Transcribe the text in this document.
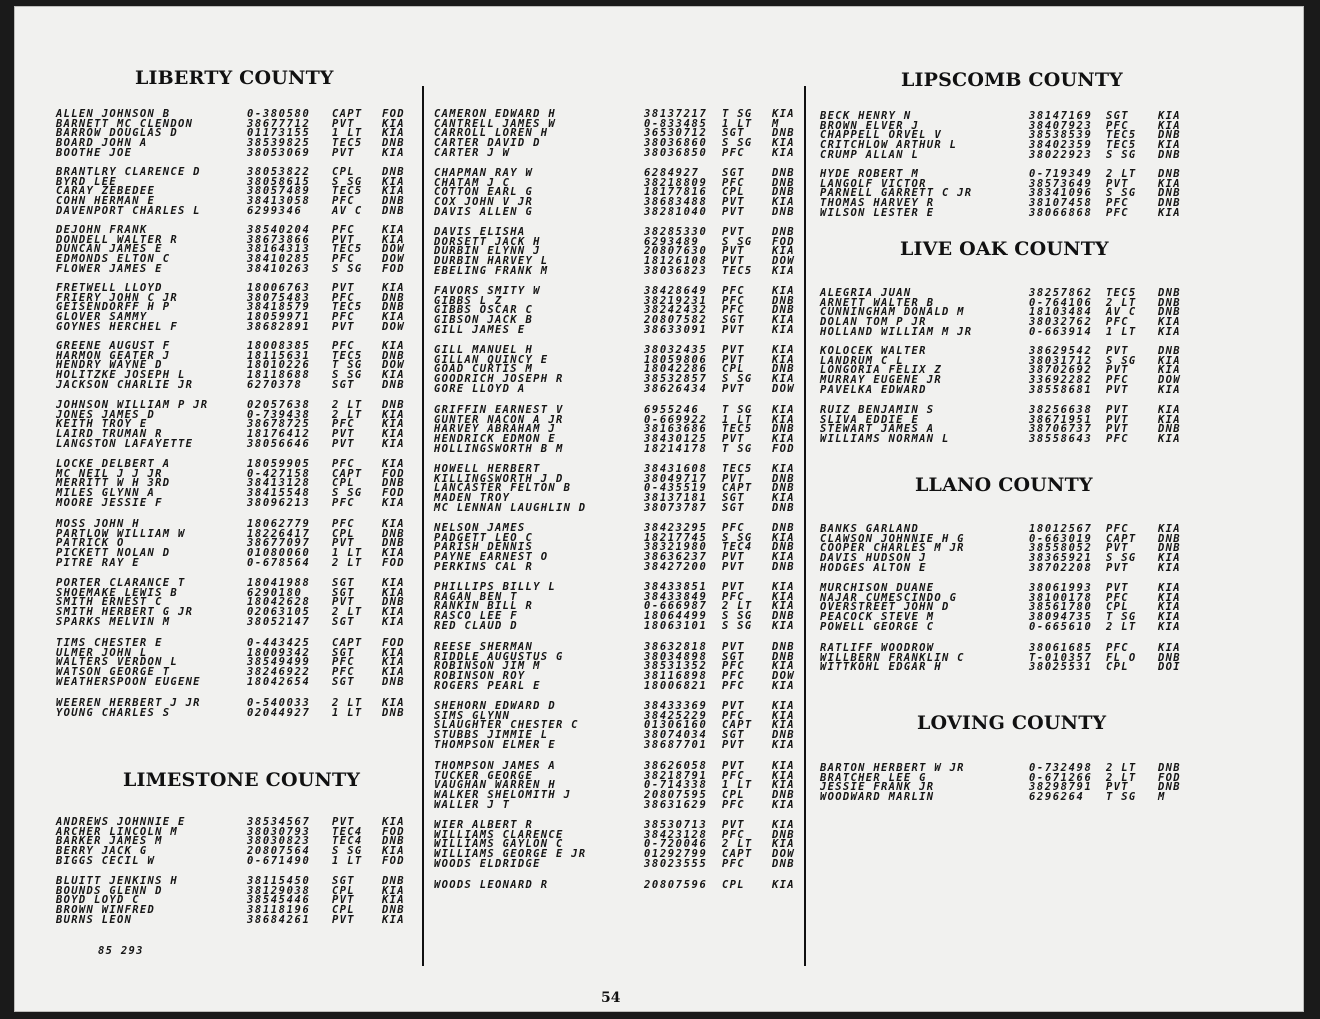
LIBERTY COUNTY
LIMESTONE COUNTY
85 293
ALLEN JOHNSON B	0-380580 CAPT FOD
BARNETT MC CLENDON	38677712 PVT	KIA
BARROW DOUGLAS D	01173155 1 LT KIA
BOARD JOHN A	38539825 TEC5 DNB
BOOTHE JOE	38053069 PVT	KIA
BRANTLRY CLARENCE D	38053822 CPL	DNB
BYRD LEE	38058615 S SG KIA
CARAY ZEBEDEE	38057489 TEC5 KIA
COHN HERMAN E	38413058 PFC	DNB
DAVENPORT CHARLES L	6299346	AV C DNB
DEJOHN FRANK	38540204 PFC	KIA
DONDELL WALTER R	38673866 PVT	KIA
DUNCAN JAMES E	38164313 TEC5 DOW
EDMONDS ELTON C	38410285 PFC	DOW
FLOWER JAMES E	38410263 S SG FOD
FRETWELL LLOYD	18006763 PVT	KIA
FRIERY JOHN C JR	38075483 PFC	DNB
GEISENDORFF H P	38418579 TEC5 DNB
GLOVER SAMMY	18059971 PFC	KIA
GOYNES HERCHEL F	38682891 PVT	DOW
GREENE AUGUST F	18008385 PFC	KIA
HARMON GEATER J	18115631 TEC5 DNB
HENDRY WAYNE D	18010226 T SG DOW
HOLITZKE JOSEPH L	18118688 S SG KIA
JACKSON CHARLIE JR	6270378	SGT	DNB
JOHNSON WILLIAM P JR	02057638 2 LT DNB
JONES JAMES D	0-739438 2 LT KIA
KEITH TROY E	38678725 PFC	KIA
LAIRD TRUMAN R	18176412 PVT	KIA
LANGSTON LAFAYETTE	38056646 PVT	KIA
LOCKE DELBERT A	18059905 PFC	KIA
MC NEIL J J JR	0-427158 CAPT FOD
MERRITT W H 3RD	38413128 CPL	DNB
MILES GLYNN A	38415548 S SG FOD
MOORE JESSIE F	38096213 PFC	KIA
MOSS JOHN H	18062779 PFC	KIA
PARTLOW WILLIAM W	18226417 CPL	DNB
PATRICK O	38677097 PVT	DNB
PICKETT NOLAN D	01080060 1 LT KIA
PITRE RAY E	0-678564 2 LT FOD
PORTER CLARANCE T	18041988 SGT	KIA
SHOEMAKE LEWIS B	6290180	SGT	KIA
SMITH ERNEST C	18042628 PVT	DNB
SMITH HERBERT G JR	02063105 2 LT KIA
SPARKS MELVIN M	38052147 SGT	KIA
TIMS CHESTER E	0-443425 CAPT FOD
ULMER JOHN L	18009342 SGT	KIA
WALTERS VERDON L	38549499 PFC	KIA
WATSON GEORGE T	38246922 PFC	KIA
WEATHERSPOON EUGENE	18042654 SGT	DNB
WEEREN HERBERT J JR	0-540033 2 LT KIA
YOUNG CHARLES S	02044927 1 LT DNB
ANDREWS JOHNNIE E	38534567 PVT	KIA
ARCHER LINCOLN M	38030793 TEC4 FOD
BARKER JAMES M	38030823 TEC4 DNB
BERRY JACK G	20807564 S SG KIA
BIGGS CECIL W	0-671490 1 LT FOD
BLUITT JENKINS H	38115450 SGT	DNB
BOUNDS GLENN D	38129038 CPL	KIA
BOYD LOYD C	38545446 PVT	KIA
BROWN WINFRED	38118196 CPL	DNB
BURNS LEON	38684261 PVT	KIA
CAMERON EDWARD H	38137217 T SG KIA
CANTRELL JAMES W	0-833485 1 LT M
CARROLL LOREN H	36530712 SGT	DNB
CARTER DAVID D	38036860 S SG KIA
CARTER J W	38036850 PFC	KIA
CHAPMAN RAY W	6284927 SGT	DNB
CHATAM J C	38218809 PFC	DNB
COTTON EARL G	18177816 CPL	DNB
COX JOHN V JR	38683488 PVT	KIA
DAVIS ALLEN G	38281040 PVT	DNB
DAVIS ELISHA	38285330 PVT	DNB
DORSETT JACK H	6293489 S SG FOD
DURBIN ELYNN J	20807630 PVT	KIA
DURBIN HARVEY L	18126108 PVT	DOW
EBELING FRANK M	38036823 TEC5 KIA
FAVORS SMITY W	38428649 PFC	KIA
GIBBS L Z	38219231 PFC	DNB
GIBBS OSCAR C	38242432 PFC	DNB
GIBSON JACK B	20807582 SGT	KIA
GILL JAMES E	38633091 PVT	KIA
GILL MANUEL H	38032435 PVT	KIA
GILLAN QUINCY E	18059806 PVT	KIA
GOAD CURTIS M	18042286 CPL	DNB
GOODRICH JOSEPH R	38532857 S SG KIA
GORE LLOYD A	38626434 PVT	DOW
GRIFFIN EARNEST V	6955246 T SG KIA
GUNTER NACON A JR	0-669922 1 LT KIA
HARVEY ABRAHAM J	38163686 TEC5 DNB
HENDRICK EDMON E	38430125 PVT	KIA
HOLLINGSWORTH B M	18214178 T SG FOD
HOWELL HERBERT	38431608 TEC5 KIA
KILLINGSWORTH J D	38049717 PVT	DNB
LANCASTER FELTON B	0-435519 CAPT DNB
MADEN TROY	38137181 SGT	KIA
MC LENNAN LAUGHLIN D	38073787 SGT	DNB
NELSON JAMES	38423295 PFC	DNB
PADGETT LEO C	18217745 S SG KIA
PARISH DENNIS	38321980 TEC4 DNB
PAYNE EARNEST O	38636237 PVT	KIA
PERKINS CAL R	38427200 PVT	DNB
PHILLIPS BILLY L	38433851 PVT	KIA
RAGAN BEN T	38433849 PFC	KIA
RANKIN BILL R	0-666987 2 LT KIA
RASCO LEE F	18064499 S SG DNB
RED CLAUD D	18063101 S SG KIA
REESE SHERMAN	38632818 PVT	DNB
RIDDLE AUGUSTUS G	38034898 SGT	DNB
ROBINSON JIM M	38531352 PFC	KIA
ROBINSON ROY	38116898 PFC	DOW
ROGERS PEARL E	18006821 PFC	KIA
SHEHORN EDWARD D	38433369 PVT	KIA
SIMS GLYNN	38425229 PFC	KIA
SLAUGHTER CHESTER C	01306160 CAPT KIA
STUBBS JIMMIE L	38074034 SGT	DNB
THOMPSON ELMER E	38687701 PVT	KIA
THOMPSON JAMES A	38626058 PVT	KIA
TUCKER GEORGE	38218791 PFC	KIA
VAUGHAN WARREN H	0-714338 1 LT KIA
WALKER SHELOMITH J	20807595 CPL	DNB
WALLER J T	38631629 PFC	KIA
WIER ALBERT R	38530713 PVT	KIA
WILLIAMS CLARENCE	38423128 PFC	DNB
WILLIAMS GAYLON C	0-720046 2 LT KIA
WILLIAMS GEORGE E JR	01292799 CAPT DOW
WOODS ELDRIDGE	38023555 PFC	DNB
WOODS LEONARD R	20807596 CPL	KIA
LIPSCOMB COUNTY
LIVE OAK COUNTY
LLANO COUNTY
LOVING COUNTY
BECK HENRY N	38147169 SGT	KIA
BROWN ELVER J	38407923 PFC	KIA
CHAPPELL ORVEL V	38538539 TEC5 DNB
CRITCHLOW ARTHUR L	38402359 TEC5 KIA
CRUMP ALLAN L	38022923 S SG DNB
HYDE ROBERT M	0-719349 2 LT DNB
LANGOLF VICTOR	38573649 PVT	KIA
PARNELL GARRETT C JR	38341096 S SG DNB
THOMAS HARVEY R	38107458 PFC	DNB
WILSON LESTER E	38066868 PFC	KIA
ALEGRIA JUAN	38257862 TEC5 DNB
ARNETT WALTER B	0-764106 2 LT DNB
CUNNINGHAM DONALD M	18103484 AV C DNB
DOLAN TOM P JR	38032762 PFC	KIA
HOLLAND WILLIAM M JR	0-663914 1 LT KIA
KOLOCEK WALTER	38629542 PVT	DNB
LANDRUM C L	38031712 S SG KIA
LONGORIA FELIX Z	38702692 PVT	KIA
MURRAY EUGENE JR	33692282 PFC	DOW
PAVELKA EDWARD	38558681 PVT	KIA
RUIZ BENJAMIN S	38256638 PVT	KIA
SLIVA EDDIE E	38671951 PVT	KIA
STEWART JAMES A	38706737 PVT	DNB
WILLIAMS NORMAN L	38558643 PFC	KIA
BANKS GARLAND	18012567 PFC	KIA
CLAWSON JOHNNIE H G	0-663019 CAPT DNB
COOPER CHARLES M JR	38558052 PVT	DNB
DAVIS HUDSON J	38365921 S SG KIA
HODGES ALTON E	38702208 PVT	KIA
MURCHISON DUANE	38061993 PVT	KIA
NAJAR CUMESCINDO G	38100178 PFC	KIA
OVERSTREET JOHN D	38561780 CPL	KIA
PEACOCK STEVE M	38094735 T SG KIA
POWELL GEORGE C	0-665610 2 LT KIA
RATLIFF WOODROW	38061685 PFC	KIA
WILLBERN FRANKLIN C	T-010357 FL O DNB
WITTKOHL EDGAR H	38025531 CPL	DOI
BARTON HERBERT W JR	0-732498 2 LT DNB
BRATCHER LEE G	0-671266 2 LT FOD
JESSIE FRANK JR	38298791 PVT	DNB
WOODWARD MARLIN	6296264 T SG M
54
